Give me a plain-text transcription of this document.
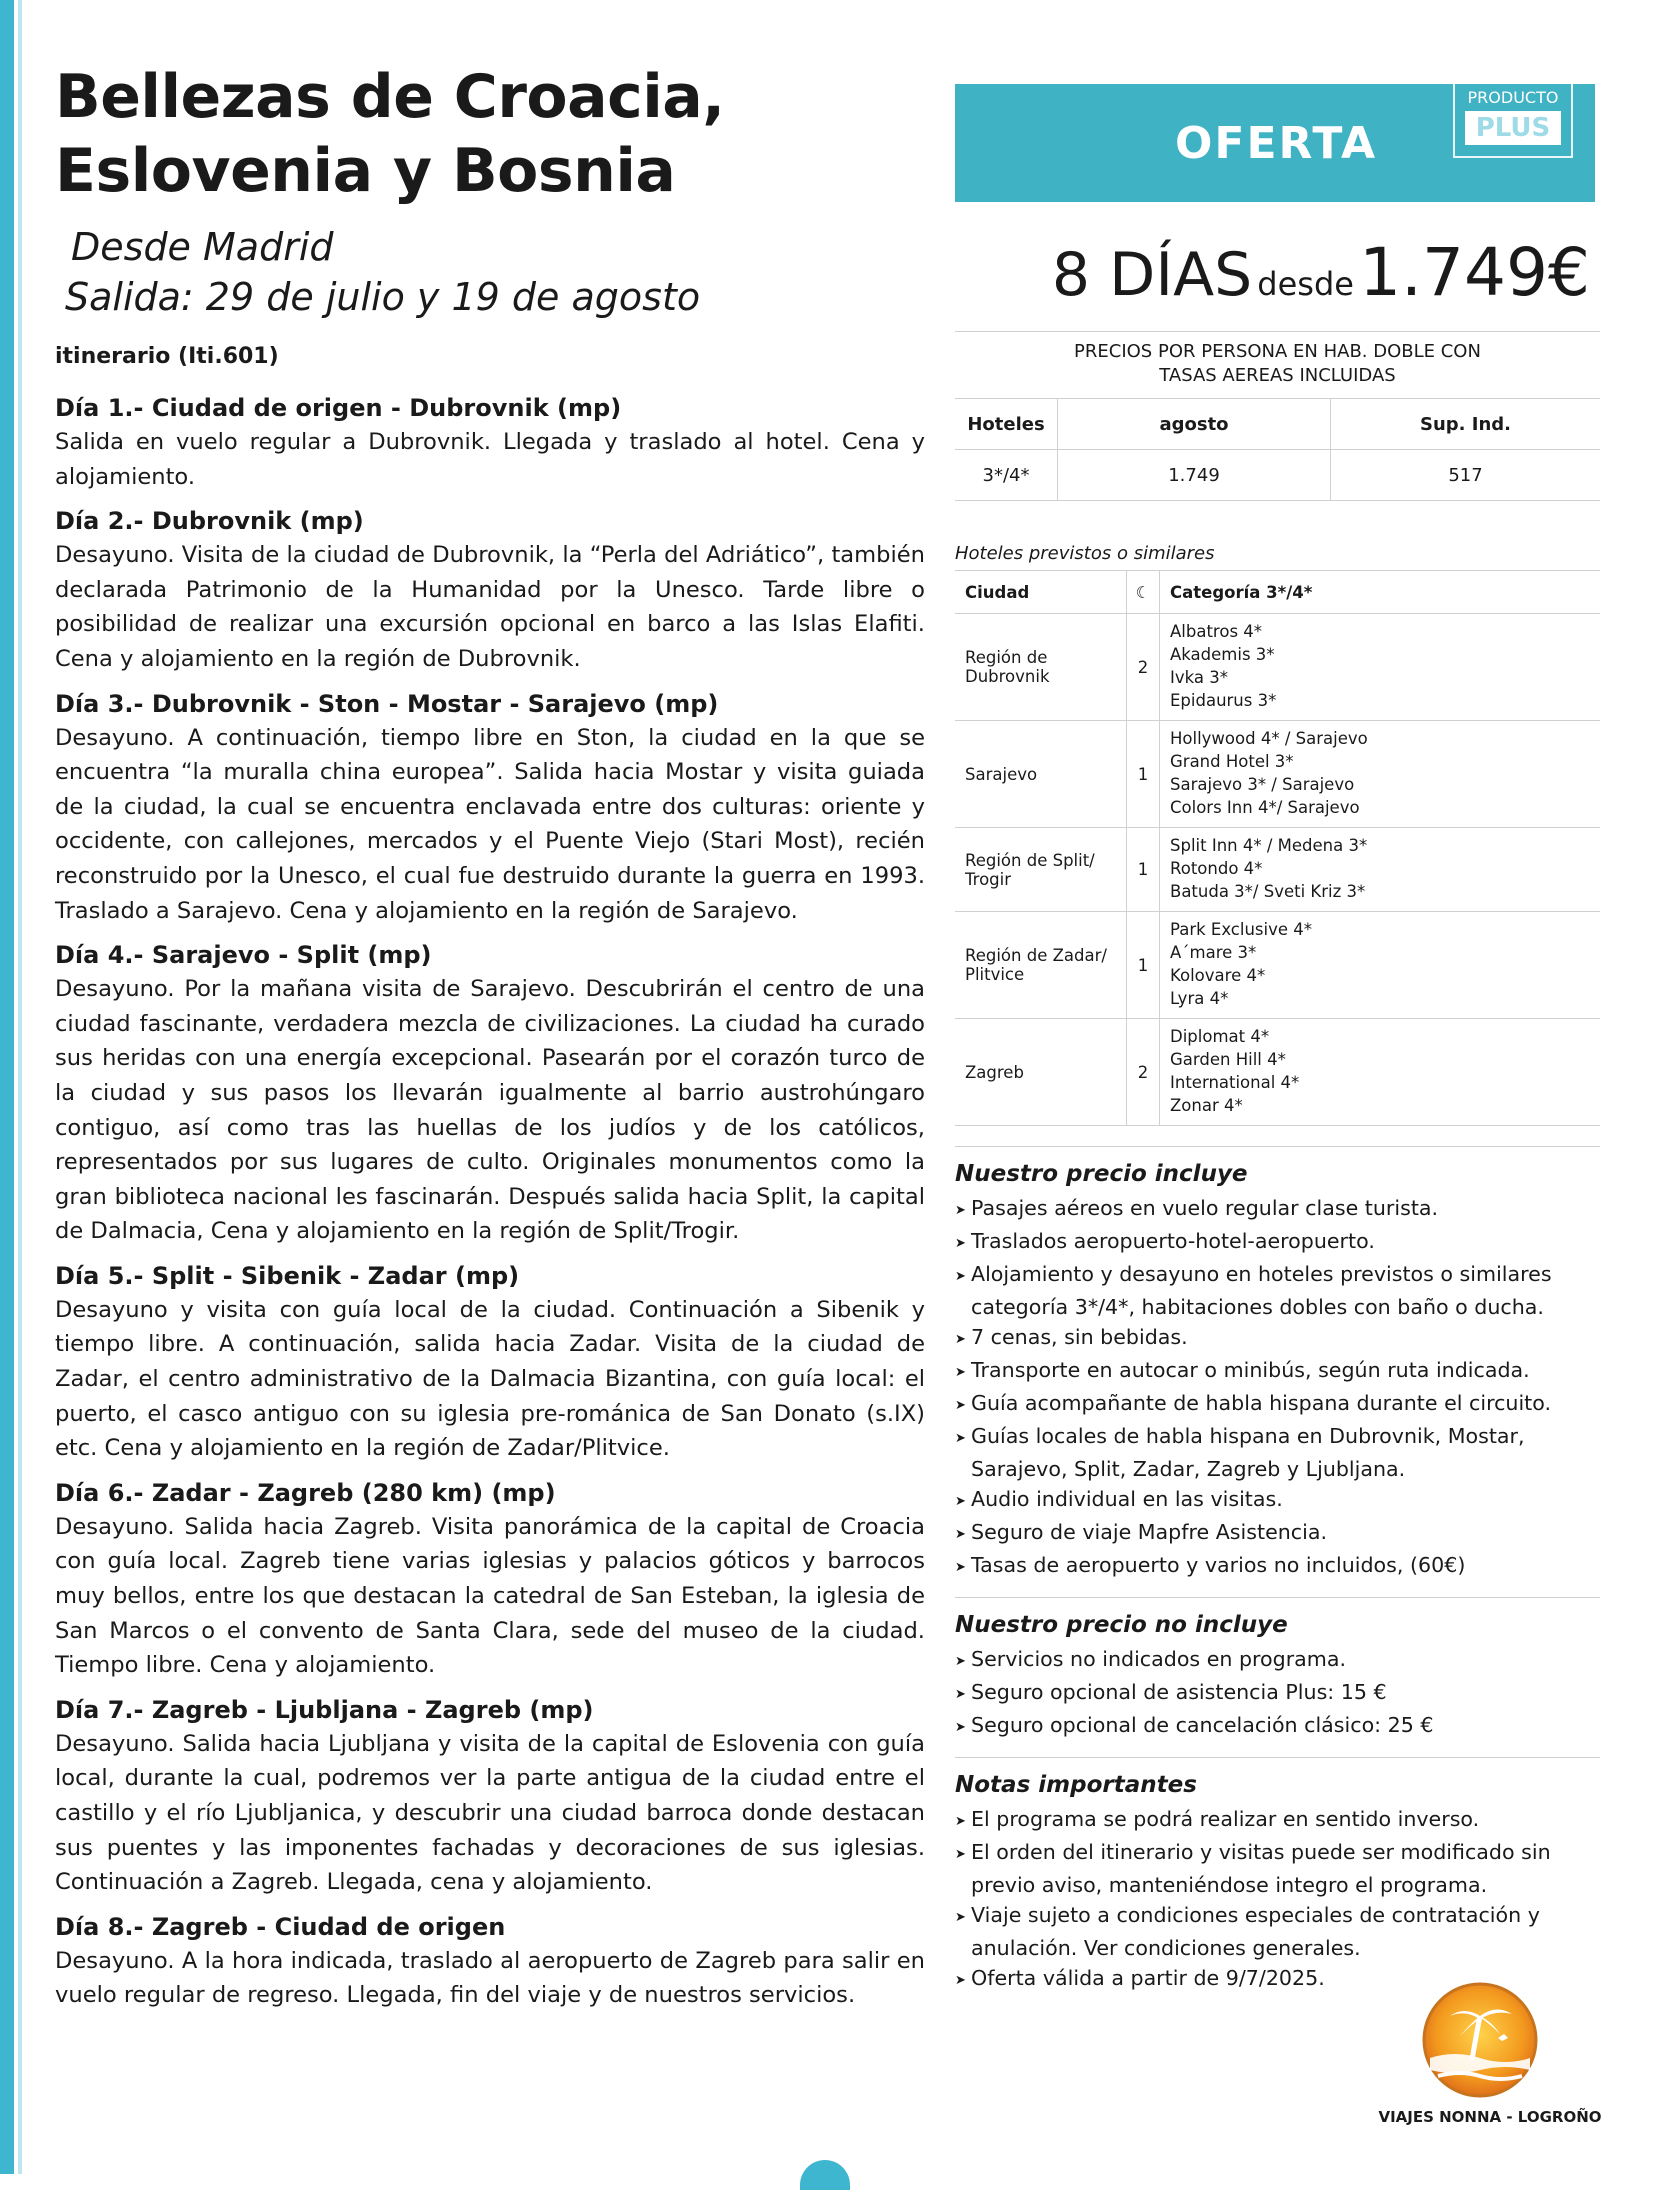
Bellezas de Croacia,
Eslovenia y Bosnia
Desde Madrid
Salida: 29 de julio y 19 de agosto
itinerario (Iti.601)
Día 1.- Ciudad de origen - Dubrovnik (mp)
Salida en vuelo regular a Dubrovnik. Llegada y traslado al hotel. Cena y alojamiento.
Día 2.- Dubrovnik (mp)
Desayuno. Visita de la ciudad de Dubrovnik, la “Perla del Adriático”, también declarada Patrimonio de la Humanidad por la Unesco. Tarde libre o posibilidad de realizar una excursión opcional en barco a las Islas Elafiti. Cena y alojamiento en la región de Dubrovnik.
Día 3.- Dubrovnik - Ston - Mostar - Sarajevo (mp)
Desayuno. A continuación, tiempo libre en Ston, la ciudad en la que se encuentra “la muralla china europea”. Salida hacia Mostar y visita guiada de la ciudad, la cual se encuentra enclavada entre dos culturas: oriente y occidente, con callejones, mercados y el Puente Viejo (Stari Most), recién reconstruido por la Unesco, el cual fue destruido durante la guerra en 1993. Traslado a Sarajevo. Cena y alojamiento en la región de Sarajevo.
Día 4.- Sarajevo - Split (mp)
Desayuno. Por la mañana visita de Sarajevo. Descubrirán el centro de una ciudad fascinante, verdadera mezcla de civilizaciones. La ciudad ha curado sus heridas con una energía excepcional. Pasearán por el corazón turco de la ciudad y sus pasos los llevarán igualmente al barrio austrohúngaro contiguo, así como tras las huellas de los judíos y de los católicos, representados por sus lugares de culto. Originales monumentos como la gran biblioteca nacional les fascinarán. Después salida hacia Split, la capital de Dalmacia, Cena y alojamiento en la región de Split/Trogir.
Día 5.- Split - Sibenik - Zadar (mp)
Desayuno y visita con guía local de la ciudad. Continuación a Sibenik y tiempo libre. A continuación, salida hacia Zadar. Visita de la ciudad de Zadar, el centro administrativo de la Dalmacia Bizantina, con guía local: el puerto, el casco antiguo con su iglesia pre-románica de San Donato (s.IX) etc. Cena y alojamiento en la región de Zadar/Plitvice.
Día 6.- Zadar - Zagreb (280 km) (mp)
Desayuno. Salida hacia Zagreb. Visita panorámica de la capital de Croacia con guía local. Zagreb tiene varias iglesias y palacios góticos y barrocos muy bellos, entre los que destacan la catedral de San Esteban, la iglesia de San Marcos o el convento de Santa Clara, sede del museo de la ciudad. Tiempo libre. Cena y alojamiento.
Día 7.- Zagreb - Ljubljana - Zagreb (mp)
Desayuno. Salida hacia Ljubljana y visita de la capital de Eslovenia con guía local, durante la cual, podremos ver la parte antigua de la ciudad entre el castillo y el río Ljubljanica, y descubrir una ciudad barroca donde destacan sus puentes y las imponentes fachadas y decoraciones de sus iglesias. Continuación a Zagreb. Llegada, cena y alojamiento.
Día 8.- Zagreb - Ciudad de origen
Desayuno. A la hora indicada, traslado al aeropuerto de Zagreb para salir en vuelo regular de regreso. Llegada, fin del viaje y de nuestros servicios.
OFERTA
PRODUCTO
PLUS
8 DÍAS desde 1.749€
PRECIOS POR PERSONA EN HAB. DOBLE CON
TASAS AEREAS INCLUIDAS
Hoteles	agosto	Sup. Ind.
3*/4*	1.749	517
Hoteles previstos o similares
Ciudad	☾	Categoría 3*/4*
Región de Dubrovnik	2	Albatros 4*
Akademis 3*
Ivka 3*
Epidaurus 3*

Sarajevo	1	Hollywood 4* / Sarajevo
Grand Hotel 3*
Sarajevo 3* / Sarajevo
Colors Inn 4*/ Sarajevo

Región de Split/ Trogir	1	Split Inn 4* / Medena 3*
Rotondo 4*
Batuda 3*/ Sveti Kriz 3*

Región de Zadar/ Plitvice	1	Park Exclusive 4*
A´mare 3*
Kolovare 4*
Lyra 4*

Zagreb	2	Diplomat 4*
Garden Hill 4*
International 4*
Zonar 4*
Nuestro precio incluye
➤ Pasajes aéreos en vuelo regular clase turista.
➤ Traslados aeropuerto-hotel-aeropuerto.
➤ Alojamiento y desayuno en hoteles previstos o similares categoría 3*/4*, habitaciones dobles con baño o ducha.
➤ 7 cenas, sin bebidas.
➤ Transporte en autocar o minibús, según ruta indicada.
➤ Guía acompañante de habla hispana durante el circuito.
➤ Guías locales de habla hispana en Dubrovnik, Mostar, Sarajevo, Split, Zadar, Zagreb y Ljubljana.
➤ Audio individual en las visitas.
➤ Seguro de viaje Mapfre Asistencia.
➤ Tasas de aeropuerto y varios no incluidos, (60€)
Nuestro precio no incluye
➤ Servicios no indicados en programa.
➤ Seguro opcional de asistencia Plus: 15 €
➤ Seguro opcional de cancelación clásico: 25 €
Notas importantes
➤ El programa se podrá realizar en sentido inverso.
➤ El orden del itinerario y visitas puede ser modificado sin previo aviso, manteniéndose integro el programa.
➤ Viaje sujeto a condiciones especiales de contratación y anulación. Ver condiciones generales.
➤ Oferta válida a partir de 9/7/2025.
VIAJES NONNA - LOGROÑO
